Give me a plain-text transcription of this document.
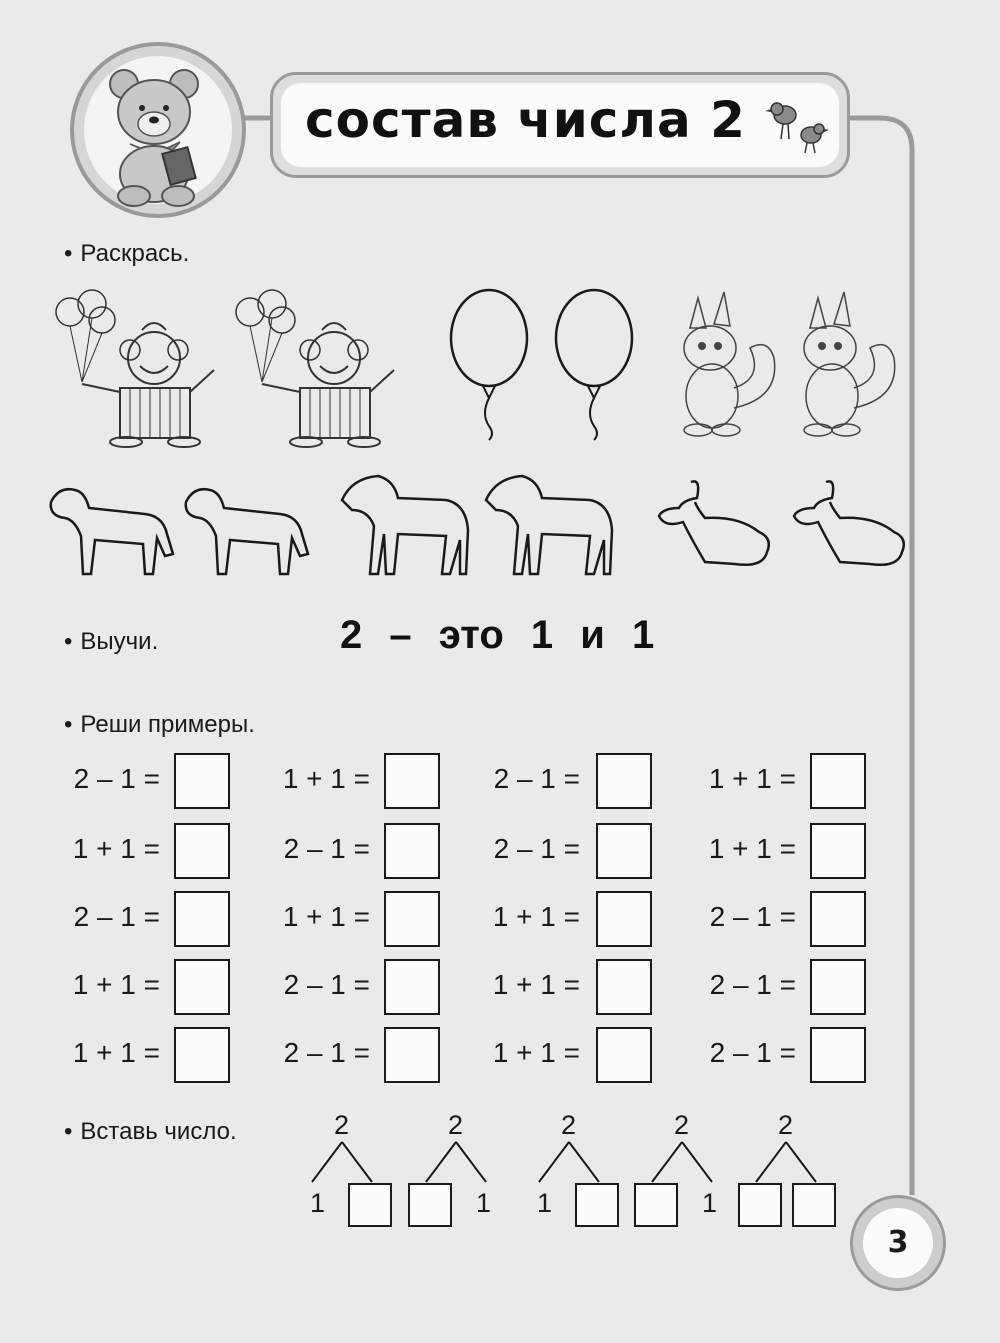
состав числа 2
• Раскрась.
• Выучи.	2 – это 1 и 1
• Реши примеры.
2 – 1 =	1 + 1 =	2 – 1 =	1 + 1 =
1 + 1 =	2 – 1 =	2 – 1 =	1 + 1 =
2 – 1 =	1 + 1 =	1 + 1 =	2 – 1 =
1 + 1 =	2 – 1 =	1 + 1 =	2 – 1 =
1 + 1 =	2 – 1 =	1 + 1 =	2 – 1 =
• Вставь число.	2
1
2
1
2
1
2
1
2
3
